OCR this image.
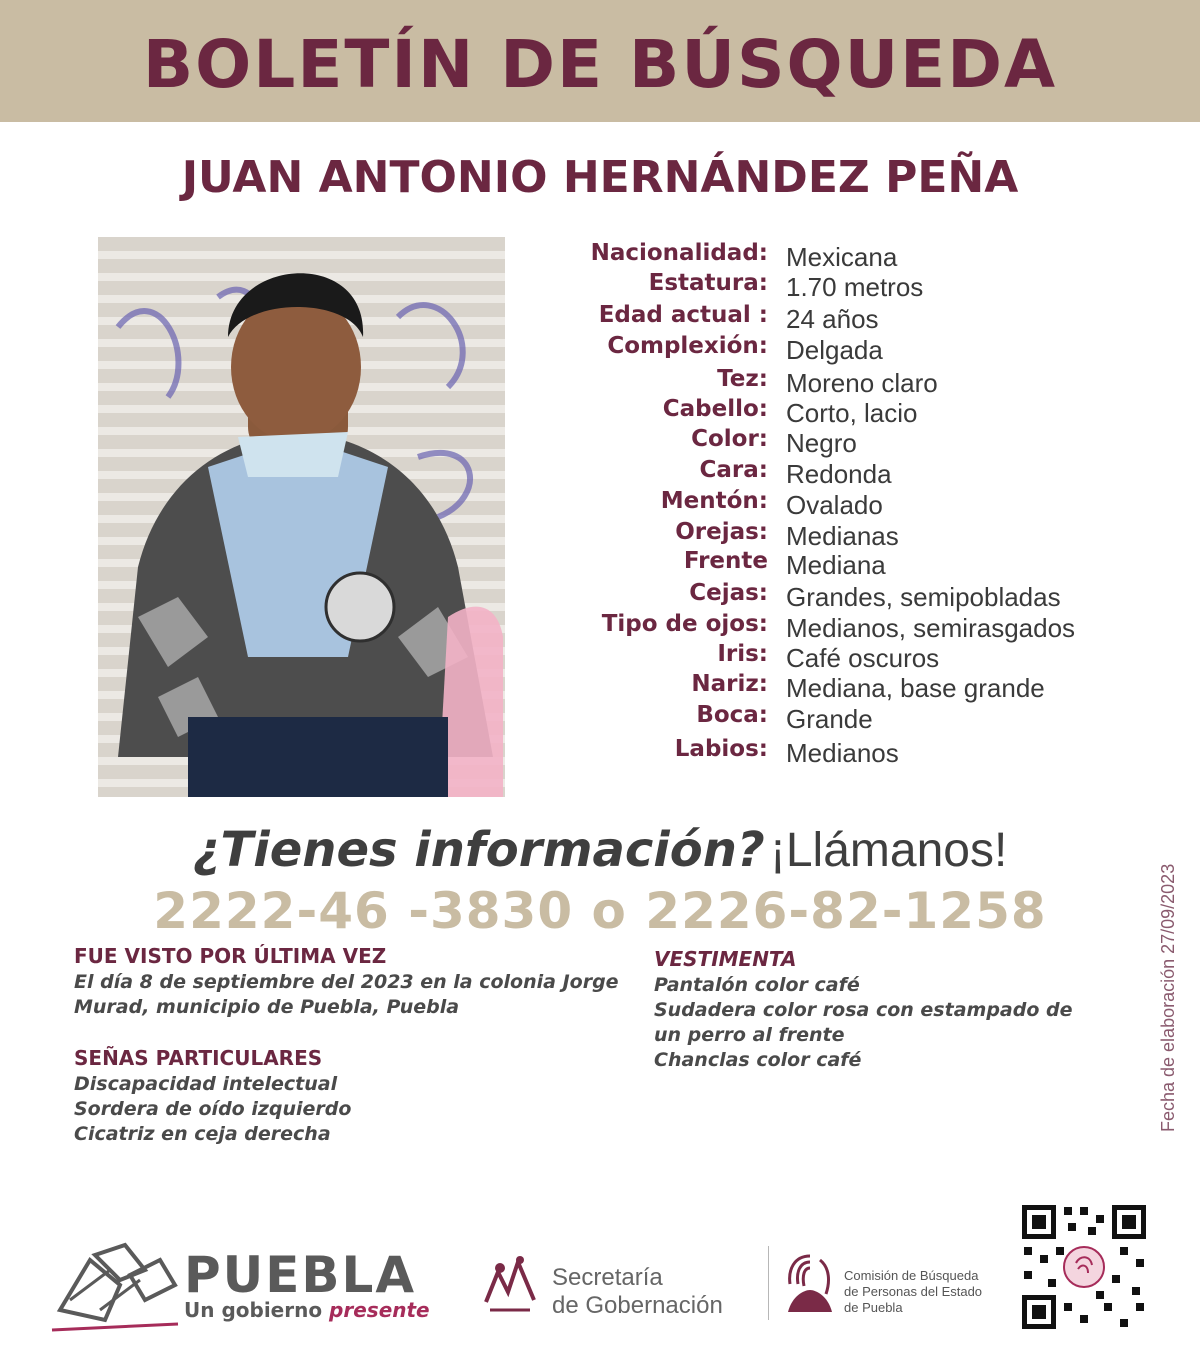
BOLETÍN DE BÚSQUEDA
JUAN ANTONIO HERNÁNDEZ PEÑA
Nacionalidad: Mexicana
Estatura: 1.70 metros
Edad actual : 24 años
Complexión: Delgada
Tez: Moreno claro
Cabello: Corto, lacio
Color: Negro
Cara: Redonda
Mentón: Ovalado
Orejas: Medianas
Frente Mediana
Cejas: Grandes, semipobladas
Tipo de ojos: Medianos, semirasgados
Iris: Café oscuros
Nariz: Mediana, base grande
Boca: Grande
Labios: Medianos
¿Tienes información? ¡Llámanos!
2222-46 -3830 o 2226-82-1258
FUE VISTO POR ÚLTIMA VEZ
El día 8 de septiembre del 2023 en la colonia Jorge
Murad, municipio de Puebla, Puebla
SEÑAS PARTICULARES
Discapacidad intelectual
Sordera de oído izquierdo
Cicatriz en ceja derecha
VESTIMENTA
Pantalón color café
Sudadera color rosa con estampado de
un perro al frente
Chanclas color café	Fecha de elaboración 27/09/2023
PUEBLA
Un gobierno presente
Secretaría
de Gobernación
Comisión de Búsqueda
de Personas del Estado
de Puebla
